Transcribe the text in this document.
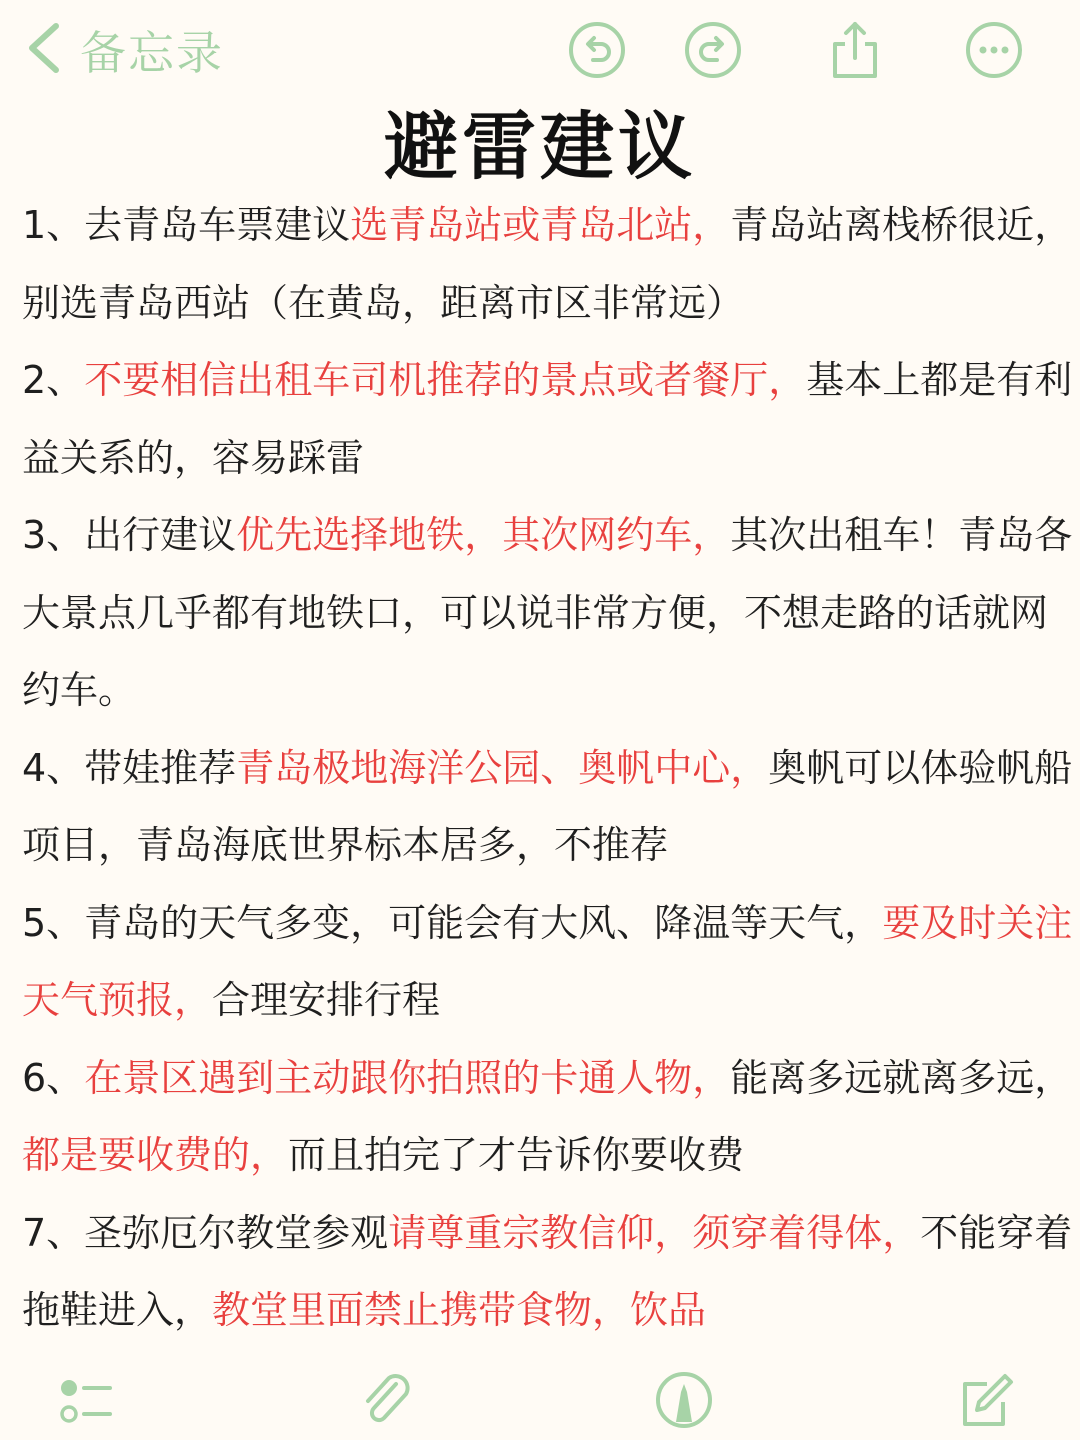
备忘录
避雷建议
1、去青岛车票建议选青岛站或青岛北站，青岛站离栈桥很近，别选青岛西站（在黄岛，距离市区非常远）
2、不要相信出租车司机推荐的景点或者餐厅，基本上都是有利益关系的，容易踩雷
3、出行建议优先选择地铁，其次网约车，其次出租车！青岛各大景点几乎都有地铁口，可以说非常方便，不想走路的话就网约车。
4、带娃推荐青岛极地海洋公园、奥帆中心，奥帆可以体验帆船项目，青岛海底世界标本居多，不推荐
5、青岛的天气多变，可能会有大风、降温等天气，要及时关注天气预报，合理安排行程
6、在景区遇到主动跟你拍照的卡通人物，能离多远就离多远，都是要收费的，而且拍完了才告诉你要收费
7、圣弥厄尔教堂参观请尊重宗教信仰，须穿着得体，不能穿着拖鞋进入，教堂里面禁止携带食物，饮品
